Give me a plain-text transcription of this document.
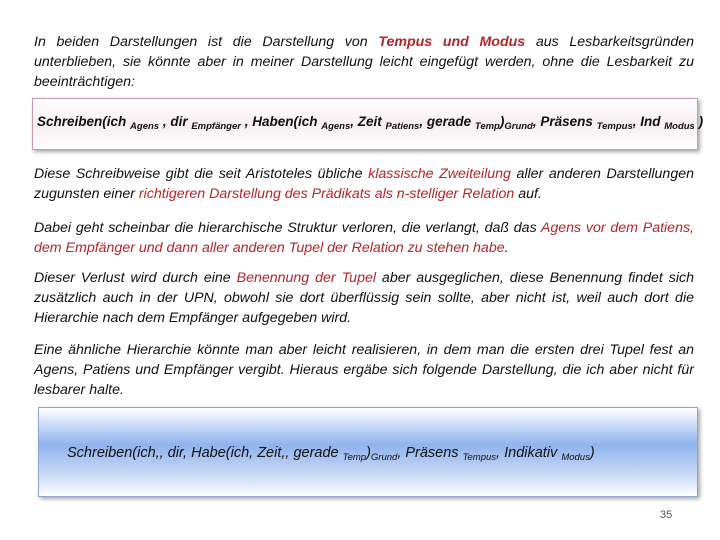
In beiden Darstellungen ist die Darstellung von Tempus und Modus aus Lesbarkeitsgründen unterblieben, sie könnte aber in meiner Darstellung leicht eingefügt werden, ohne die Lesbarkeit zu beeinträchtigen:

Schreiben(ich $_{Agens}$ , dir $_{Empfänger}$ , Haben(ich $_{Agens}$, Zeit $_{Patiens}$, gerade $_{Temp})_{Grund}$, Präsens $_{Tempus}$, Ind $_{Modus}$ )

Diese Schreibweise gibt die seit Aristoteles übliche klassische Zweiteilung aller anderen Darstellungen zugunsten einer richtigeren Darstellung des Prädikats als n-stelliger Relation auf.

Dabei geht scheinbar die hierarchische Struktur verloren, die verlangt, daß das Agens vor dem Patiens, dem Empfänger und dann aller anderen Tupel der Relation zu stehen habe.

Dieser Verlust wird durch eine Benennung der Tupel aber ausgeglichen, diese Benennung findet sich zusätzlich auch in der UPN, obwohl sie dort überflüssig sein sollte, aber nicht ist, weil auch dort die Hierarchie nach dem Empfänger aufgegeben wird.

Eine ähnliche Hierarchie könnte man aber leicht realisieren, in dem man die ersten drei Tupel fest an Agens, Patiens und Empfänger vergibt. Hieraus ergäbe sich folgende Darstellung, die ich aber nicht für lesbarer halte.

Schreiben(ich,, dir, Habe(ich, Zeit,, gerade $_{Temp})_{Grund}$, Präsens $_{Tempus}$, Indikativ $_{Modus}$)
35
